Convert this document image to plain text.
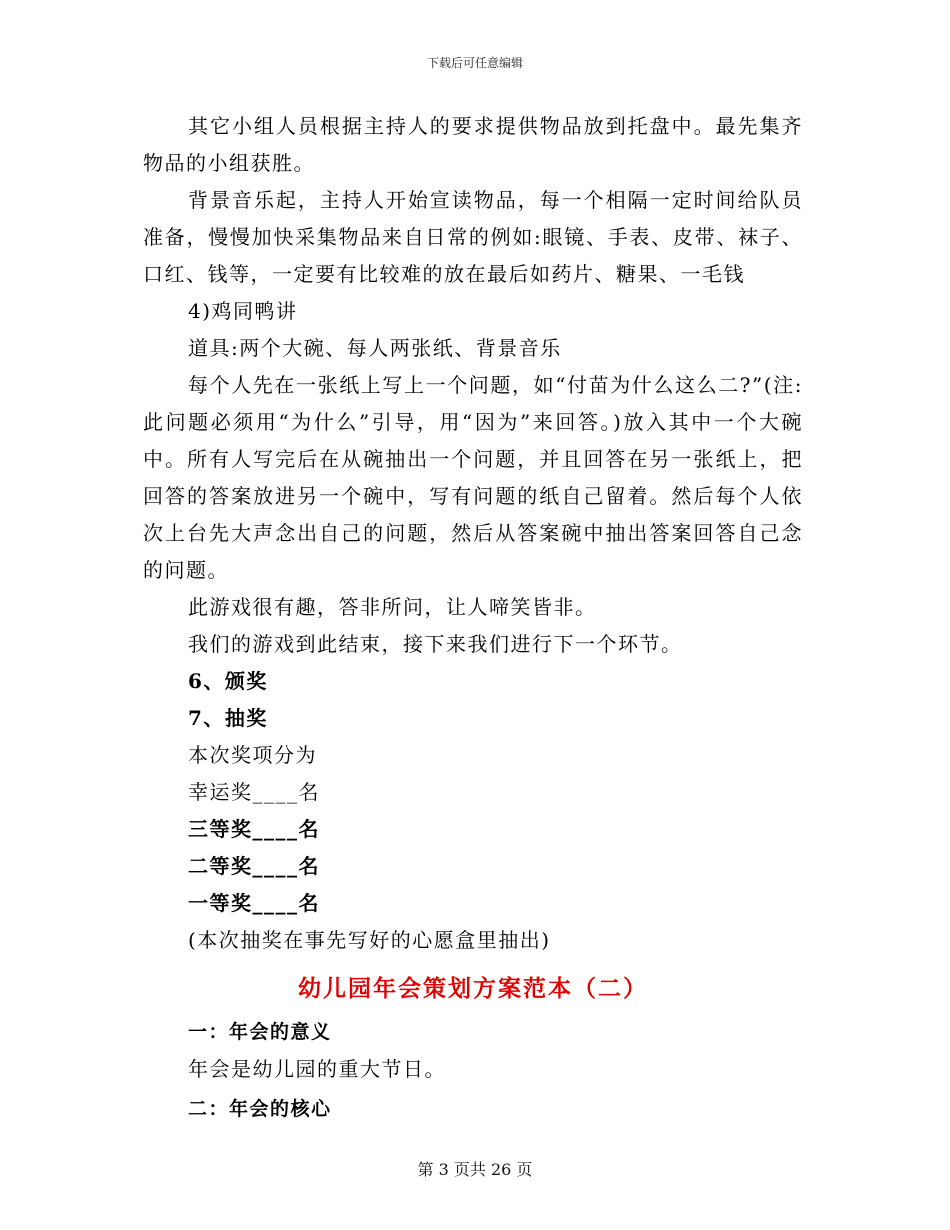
下载后可任意编辑

其它小组人员根据主持人的要求提供物品放到托盘中。最先集齐物品的小组获胜。

背景音乐起，主持人开始宣读物品，每一个相隔一定时间给队员准备，慢慢加快采集物品来自日常的例如:眼镜、手表、皮带、袜子、口红、钱等，一定要有比较难的放在最后如药片、糖果、一毛钱

4)鸡同鸭讲

道具:两个大碗、每人两张纸、背景音乐

每个人先在一张纸上写上一个问题，如“付苗为什么这么二?”(注:此问题必须用“为什么”引导，用“因为”来回答。)放入其中一个大碗中。所有人写完后在从碗抽出一个问题，并且回答在另一张纸上，把回答的答案放进另一个碗中，写有问题的纸自己留着。然后每个人依次上台先大声念出自己的问题，然后从答案碗中抽出答案回答自己念的问题。

此游戏很有趣，答非所问，让人啼笑皆非。

我们的游戏到此结束，接下来我们进行下一个环节。

6、颁奖

7、抽奖

本次奖项分为

幸运奖____名

三等奖____名

二等奖____名

一等奖____名

(本次抽奖在事先写好的心愿盒里抽出)

幼儿园年会策划方案范本（二）

一：年会的意义

年会是幼儿园的重大节日。

二：年会的核心

第 3 页共 26 页
